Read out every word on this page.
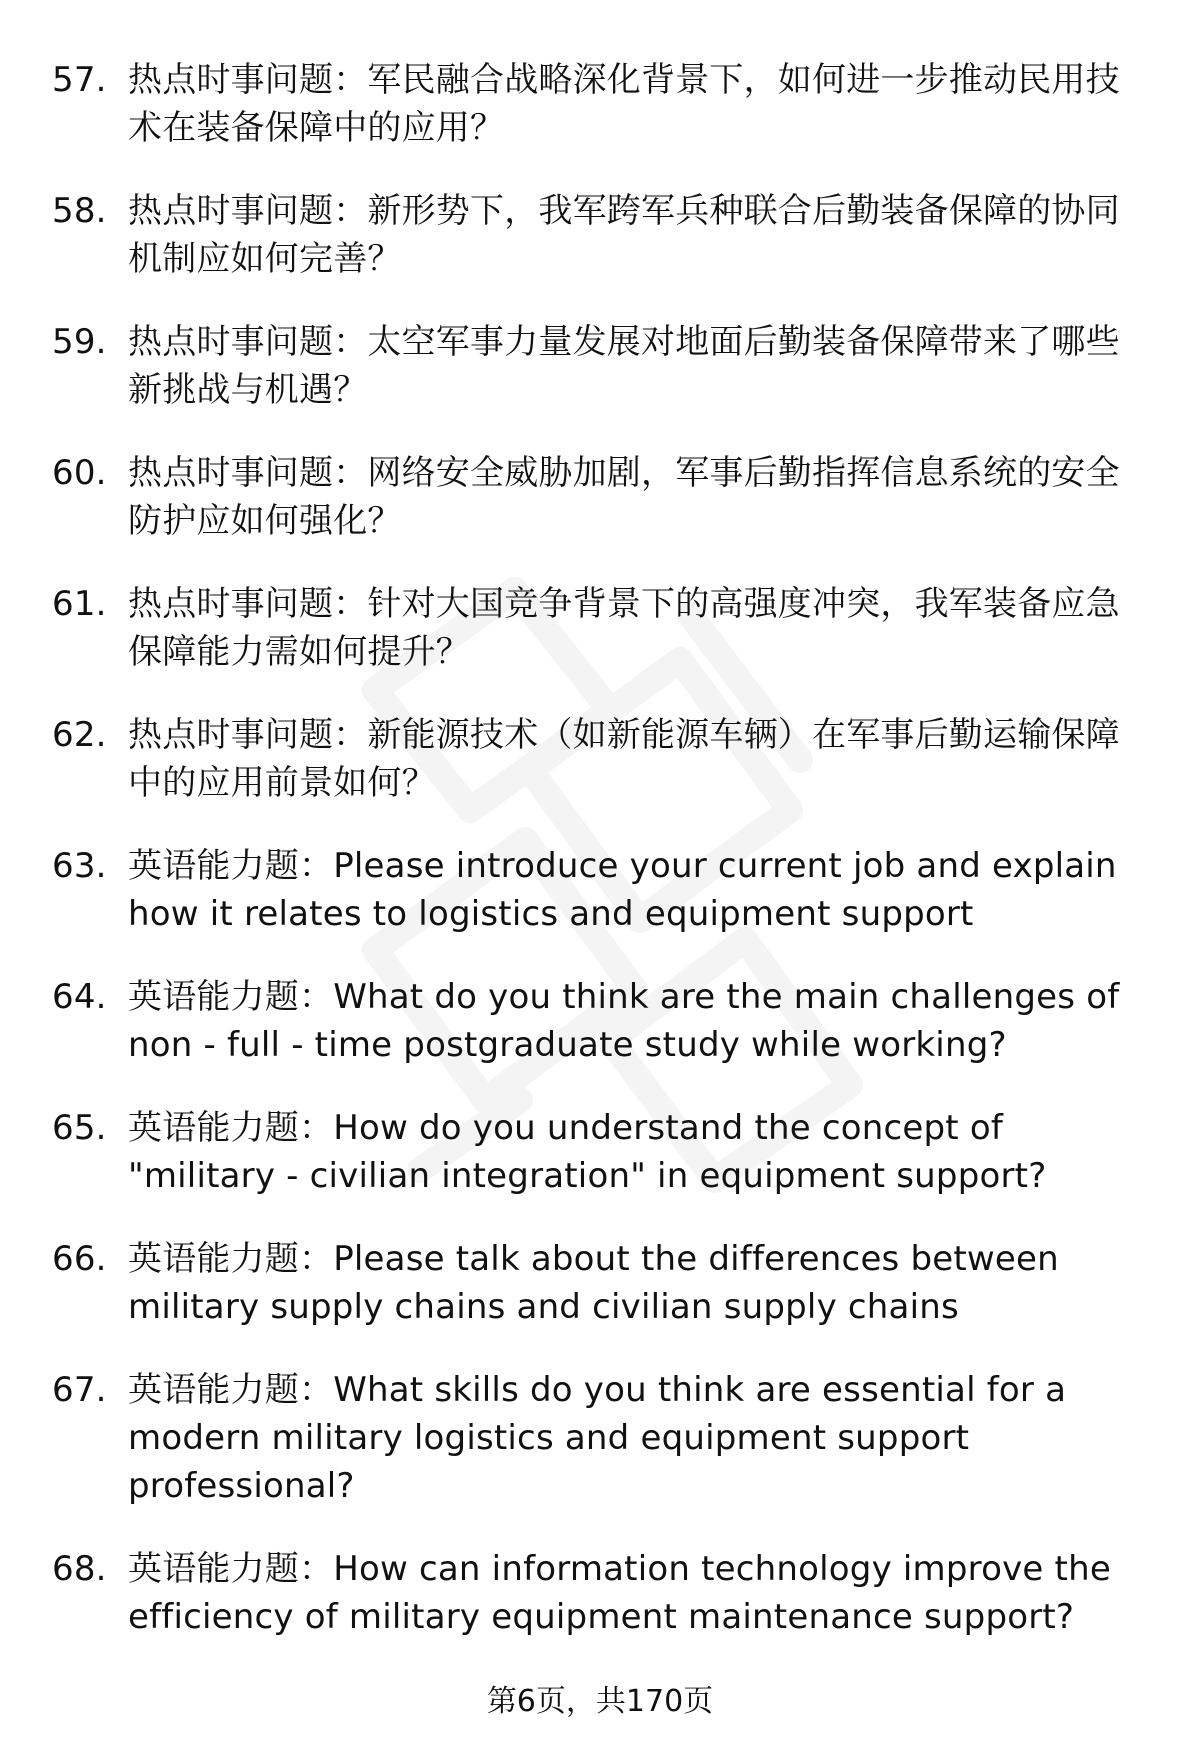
57. 热点时事问题：军民融合战略深化背景下，如何进一步推动民用技术在装备保障中的应用？
58. 热点时事问题：新形势下，我军跨军兵种联合后勤装备保障的协同机制应如何完善？
59. 热点时事问题：太空军事力量发展对地面后勤装备保障带来了哪些新挑战与机遇？
60. 热点时事问题：网络安全威胁加剧，军事后勤指挥信息系统的安全防护应如何强化？
61. 热点时事问题：针对大国竞争背景下的高强度冲突，我军装备应急保障能力需如何提升？
62. 热点时事问题：新能源技术（如新能源车辆）在军事后勤运输保障中的应用前景如何？
63. 英语能力题：Please introduce your current job and explain how it relates to logistics and equipment support
64. 英语能力题：What do you think are the main challenges of non - full - time postgraduate study while working?
65. 英语能力题：How do you understand the concept of "military - civilian integration" in equipment support?
66. 英语能力题：Please talk about the differences between military supply chains and civilian supply chains
67. 英语能力题：What skills do you think are essential for a modern military logistics and equipment support professional?
68. 英语能力题：How can information technology improve the efficiency of military equipment maintenance support?
第6页，共170页
